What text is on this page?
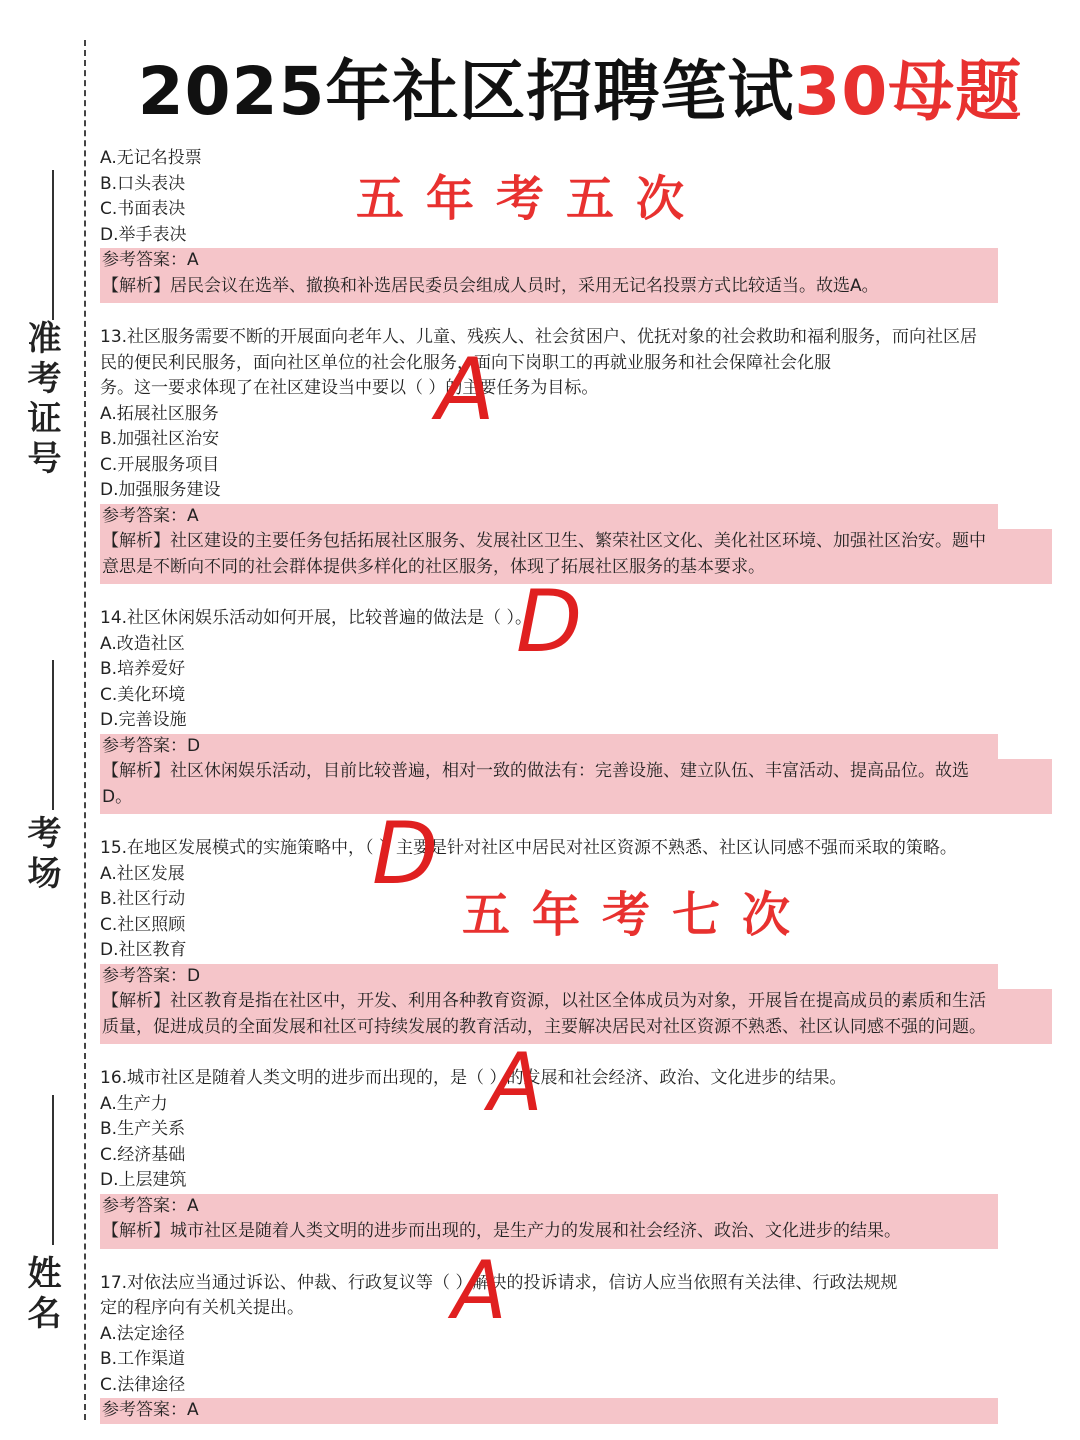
准考证号
考场
姓名
2025年社区招聘笔试30母题
A.无记名投票
B.口头表决
C.书面表决
D.举手表决
参考答案：A
【解析】居民会议在选举、撤换和补选居民委员会组成人员时，采用无记名投票方式比较适当。故选A。
13.社区服务需要不断的开展面向老年人、儿童、残疾人、社会贫困户、优抚对象的社会救助和福利服务，而向社区居
民的便民利民服务，面向社区单位的社会化服务，面向下岗职工的再就业服务和社会保障社会化服
务。这一要求体现了在社区建设当中要以（ ）的主要任务为目标。
A.拓展社区服务
B.加强社区治安
C.开展服务项目
D.加强服务建设
参考答案：A
【解析】社区建设的主要任务包括拓展社区服务、发展社区卫生、繁荣社区文化、美化社区环境、加强社区治安。题中
意思是不断向不同的社会群体提供多样化的社区服务，体现了拓展社区服务的基本要求。
14.社区休闲娱乐活动如何开展，比较普遍的做法是（ ）。
A.改造社区
B.培养爱好
C.美化环境
D.完善设施
参考答案：D
【解析】社区休闲娱乐活动，目前比较普遍，相对一致的做法有：完善设施、建立队伍、丰富活动、提高品位。故选
D。
15.在地区发展模式的实施策略中，（ ）主要是针对社区中居民对社区资源不熟悉、社区认同感不强而采取的策略。
A.社区发展
B.社区行动
C.社区照顾
D.社区教育
参考答案：D
【解析】社区教育是指在社区中，开发、利用各种教育资源，以社区全体成员为对象，开展旨在提高成员的素质和生活
质量，促进成员的全面发展和社区可持续发展的教育活动，主要解决居民对社区资源不熟悉、社区认同感不强的问题。
16.城市社区是随着人类文明的进步而出现的，是（ ）的发展和社会经济、政治、文化进步的结果。
A.生产力
B.生产关系
C.经济基础
D.上层建筑
参考答案：A
【解析】城市社区是随着人类文明的进步而出现的，是生产力的发展和社会经济、政治、文化进步的结果。
17.对依法应当通过诉讼、仲裁、行政复议等（ ）解决的投诉请求，信访人应当依照有关法律、行政法规规
定的程序向有关机关提出。
A.法定途径
B.工作渠道
C.法律途径
参考答案：A
五年考五次
五年考七次
A
D
D
A
A
